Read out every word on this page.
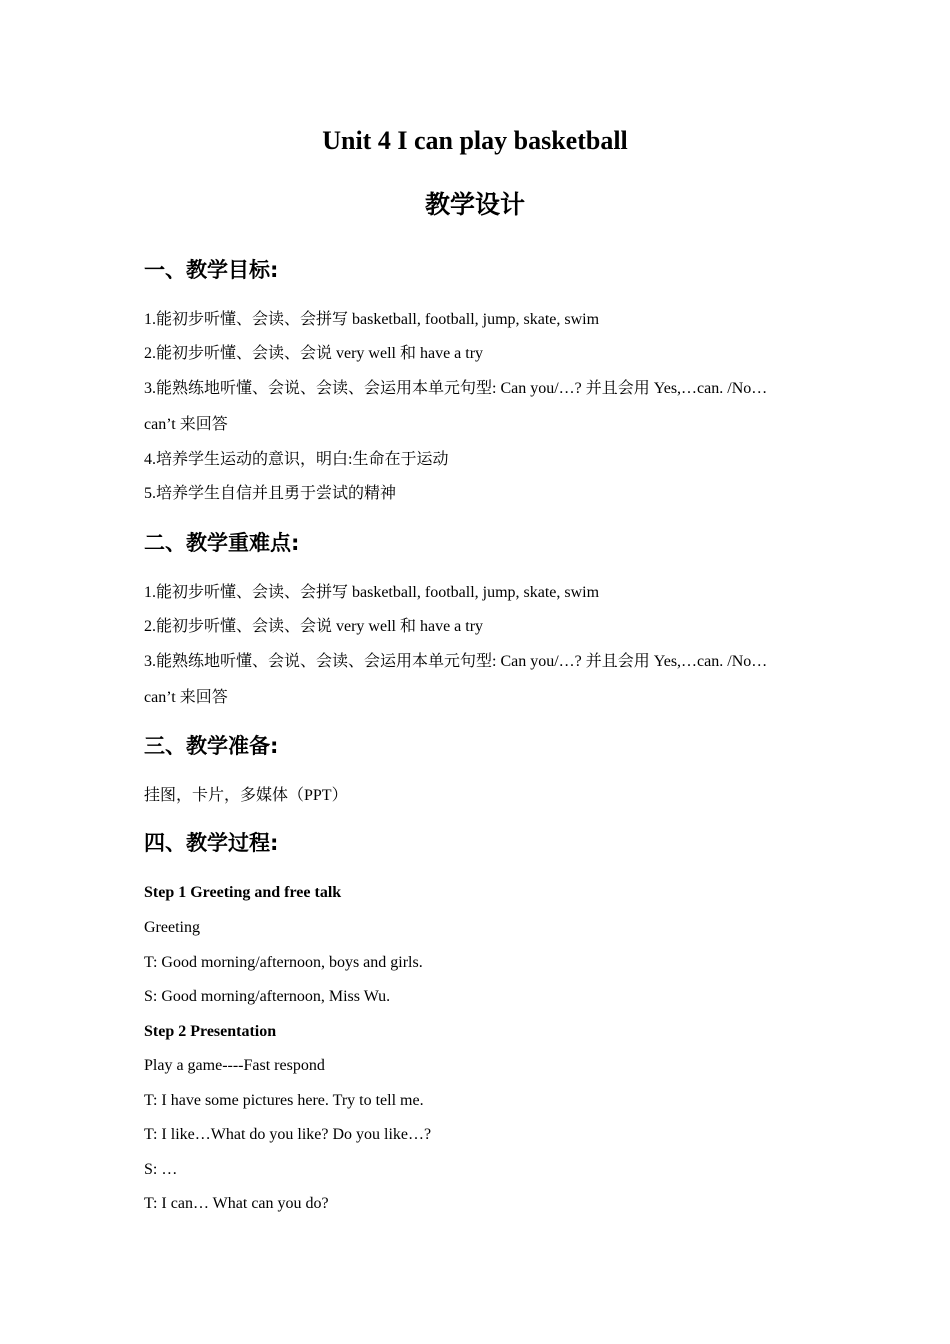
Unit 4 I can play basketball
教学设计
一、教学目标:
1.能初步听懂、会读、会拼写 basketball, football, jump, skate, swim
2.能初步听懂、会读、会说 very well 和 have a try
3.能熟练地听懂、会说、会读、会运用本单元句型: Can you/…? 并且会用 Yes,…can. /No…
can’t 来回答
4.培养学生运动的意识，明白:生命在于运动
5.培养学生自信并且勇于尝试的精神
二、教学重难点:
1.能初步听懂、会读、会拼写 basketball, football, jump, skate, swim
2.能初步听懂、会读、会说 very well 和 have a try
3.能熟练地听懂、会说、会读、会运用本单元句型: Can you/…? 并且会用 Yes,…can. /No…
can’t 来回答
三、教学准备:
挂图，卡片，多媒体（PPT）
四、教学过程:
Step 1 Greeting and free talk
Greeting
T: Good morning/afternoon, boys and girls.
S: Good morning/afternoon, Miss Wu.
Step 2 Presentation
Play a game----Fast respond
T: I have some pictures here. Try to tell me.
T: I like…What do you like? Do you like…?
S: …
T: I can… What can you do?
